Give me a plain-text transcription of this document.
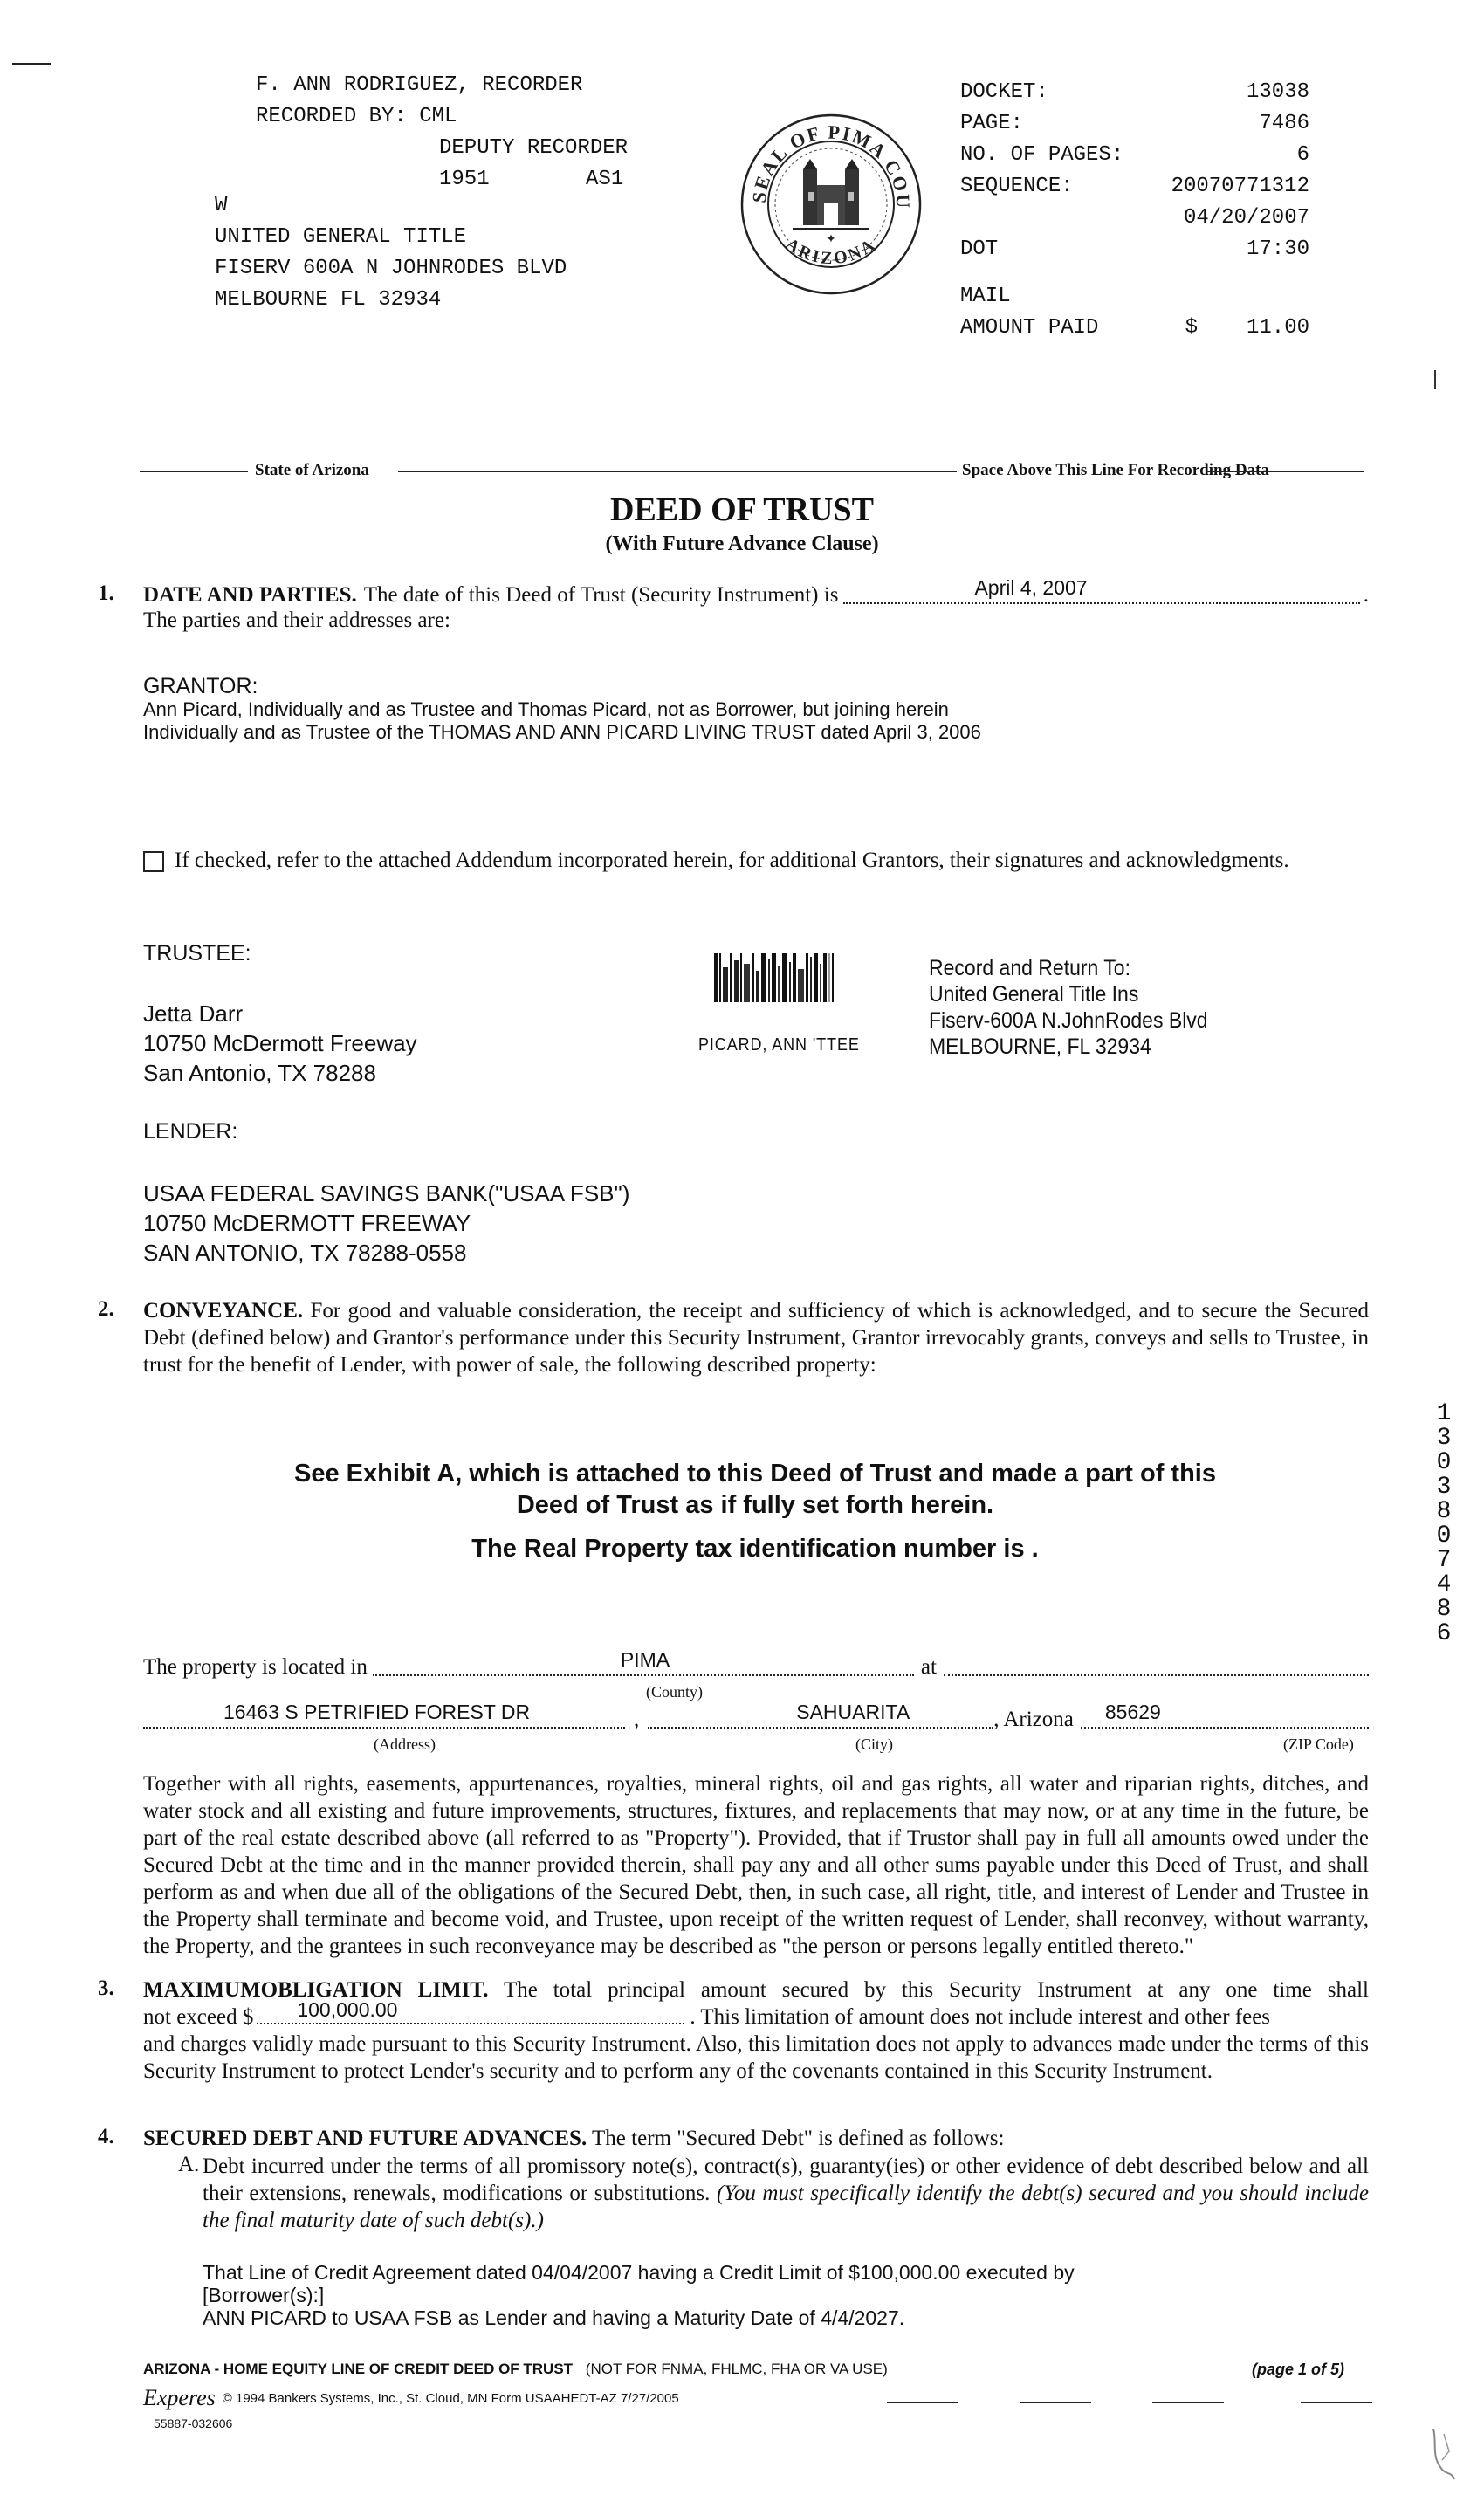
F. ANN RODRIGUEZ, RECORDER
RECORDED BY: CML
DEPUTY RECORDER
1951	AS1
W
UNITED GENERAL TITLE
FISERV 600A N JOHNRODES BLVD
MELBOURNE FL 32934
SEAL OF PIMA COU
ARIZONA
✦
DOCKET:	13038
PAGE:	7486
NO. OF PAGES:	6
SEQUENCE:	20070771312
04/20/2007
DOT	17:30
MAIL
AMOUNT PAID	$ 11.00
State of Arizona	Space Above This Line For Recording Data
DEED OF TRUST
(With Future Advance Clause)
1. DATE AND PARTIES. The date of this Deed of Trust (Security Instrument) is	April 4, 2007	.
The parties and their addresses are:
GRANTOR:
Ann Picard, Individually and as Trustee and Thomas Picard, not as Borrower, but joining herein
Individually and as Trustee of the THOMAS AND ANN PICARD LIVING TRUST dated April 3, 2006
If checked, refer to the attached Addendum incorporated herein, for additional Grantors, their signatures and acknowledgments.
TRUSTEE:
Jetta Darr
10750 McDermott Freeway
San Antonio, TX 78288
PICARD, ANN 'TTEE
Record and Return To:
United General Title Ins
Fiserv-600A N.JohnRodes Blvd
MELBOURNE, FL 32934
LENDER:
USAA FEDERAL SAVINGS BANK("USAA FSB")
10750 McDERMOTT FREEWAY
SAN ANTONIO, TX 78288-0558
2. CONVEYANCE. For good and valuable consideration, the receipt and sufficiency of which is acknowledged, and to secure the Secured Debt (defined below) and Grantor's performance under this Security Instrument, Grantor irrevocably grants, conveys and sells to Trustee, in trust for the benefit of Lender, with power of sale, the following described property:
See Exhibit A, which is attached to this Deed of Trust and made a part of this
Deed of Trust as if fully set forth herein.
The Real Property tax identification number is .
1 3 0 3 8 0 7 4 8 6
The property is located in	PIMA	at
(County)
16463 S PETRIFIED FOREST DR	,	SAHUARITA	, Arizona 85629
(Address)	(City)	(ZIP Code)
Together with all rights, easements, appurtenances, royalties, mineral rights, oil and gas rights, all water and riparian rights, ditches, and water stock and all existing and future improvements, structures, fixtures, and replacements that may now, or at any time in the future, be part of the real estate described above (all referred to as "Property"). Provided, that if Trustor shall pay in full all amounts owed under the Secured Debt at the time and in the manner provided therein, shall pay any and all other sums payable under this Deed of Trust, and shall perform as and when due all of the obligations of the Secured Debt, then, in such case, all right, title, and interest of Lender and Trustee in the Property shall terminate and become void, and Trustee, upon receipt of the written request of Lender, shall reconvey, without warranty, the Property, and the grantees in such reconveyance may be described as "the person or persons legally entitled thereto."
3. MAXIMUMOBLIGATION LIMIT. The total principal amount secured by this Security Instrument at any one time shall
not exceed $ 100,000.00	. This limitation of amount does not include interest and other fees
and charges validly made pursuant to this Security Instrument. Also, this limitation does not apply to advances made under the terms of this Security Instrument to protect Lender's security and to perform any of the covenants contained in this Security Instrument.
4. SECURED DEBT AND FUTURE ADVANCES. The term "Secured Debt" is defined as follows:
A. Debt incurred under the terms of all promissory note(s), contract(s), guaranty(ies) or other evidence of debt described below and all their extensions, renewals, modifications or substitutions. (You must specifically identify the debt(s) secured and you should include the final maturity date of such debt(s).)
That Line of Credit Agreement dated 04/04/2007 having a Credit Limit of $100,000.00 executed by
[Borrower(s):]
ANN PICARD to USAA FSB as Lender and having a Maturity Date of 4/4/2027.
ARIZONA - HOME EQUITY LINE OF CREDIT DEED OF TRUST (NOT FOR FNMA, FHLMC, FHA OR VA USE)	(page 1 of 5)
Experes © 1994 Bankers Systems, Inc., St. Cloud, MN Form USAAHEDT-AZ 7/27/2005
55887-032606
